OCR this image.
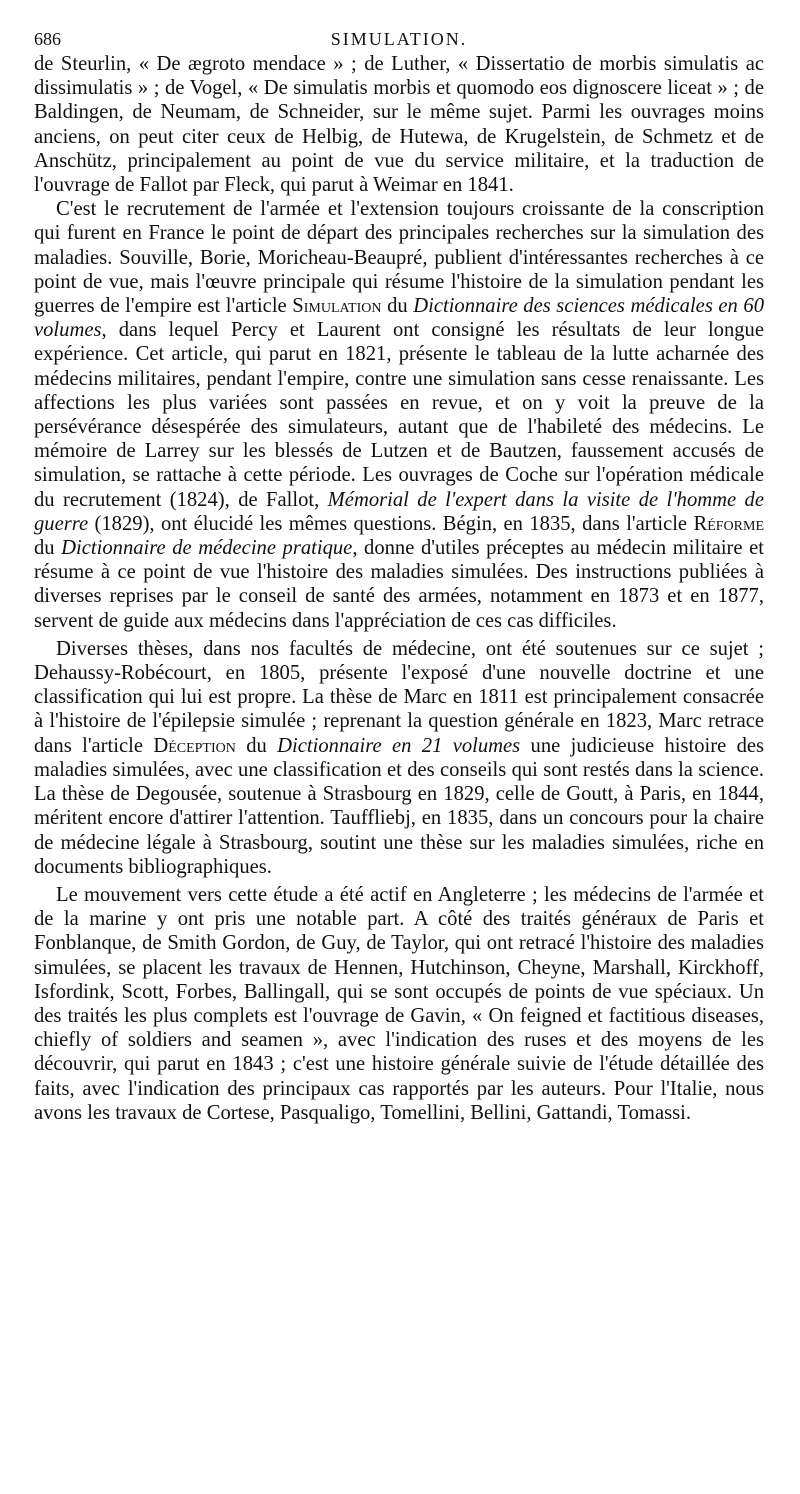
686	SIMULATION.

de Steurlin, « De ægroto mendace » ; de Luther, « Dissertatio de morbis simulatis ac dissimulatis » ; de Vogel, « De simulatis morbis et quomodo eos dignoscere liceat » ; de Baldingen, de Neumam, de Schneider, sur le même sujet. Parmi les ouvrages moins anciens, on peut citer ceux de Helbig, de Hutewa, de Krugelstein, de Schmetz et de Anschütz, principalement au point de vue du service militaire, et la traduction de l'ouvrage de Fallot par Fleck, qui parut à Weimar en 1841.

C'est le recrutement de l'armée et l'extension toujours croissante de la conscription qui furent en France le point de départ des principales recherches sur la simulation des maladies. Souville, Borie, Moricheau-Beaupré, publient d'intéressantes recherches à ce point de vue, mais l'œuvre principale qui résume l'histoire de la simulation pendant les guerres de l'empire est l'article Simulation du Dictionnaire des sciences médicales en 60 volumes, dans lequel Percy et Laurent ont consigné les résultats de leur longue expérience. Cet article, qui parut en 1821, présente le tableau de la lutte acharnée des médecins militaires, pendant l'empire, contre une simulation sans cesse renaissante. Les affections les plus variées sont passées en revue, et on y voit la preuve de la persévérance désespérée des simulateurs, autant que de l'habileté des médecins. Le mémoire de Larrey sur les blessés de Lutzen et de Bautzen, faussement accusés de simulation, se rattache à cette période. Les ouvrages de Coche sur l'opération médicale du recrutement (1824), de Fallot, Mémorial de l'expert dans la visite de l'homme de guerre (1829), ont élucidé les mêmes questions. Bégin, en 1835, dans l'article Réforme du Dictionnaire de médecine pratique, donne d'utiles préceptes au médecin militaire et résume à ce point de vue l'histoire des maladies simulées. Des instructions publiées à diverses reprises par le conseil de santé des armées, notamment en 1873 et en 1877, servent de guide aux médecins dans l'appréciation de ces cas difficiles.

Diverses thèses, dans nos facultés de médecine, ont été soutenues sur ce sujet ; Dehaussy-Robécourt, en 1805, présente l'exposé d'une nouvelle doctrine et une classification qui lui est propre. La thèse de Marc en 1811 est principalement consacrée à l'histoire de l'épilepsie simulée ; reprenant la question générale en 1823, Marc retrace dans l'article Déception du Dictionnaire en 21 volumes une judicieuse histoire des maladies simulées, avec une classification et des conseils qui sont restés dans la science. La thèse de Degousée, soutenue à Strasbourg en 1829, celle de Goutt, à Paris, en 1844, méritent encore d'attirer l'attention. Tauffliebj, en 1835, dans un concours pour la chaire de médecine légale à Strasbourg, soutint une thèse sur les maladies simulées, riche en documents bibliographiques.

Le mouvement vers cette étude a été actif en Angleterre ; les médecins de l'armée et de la marine y ont pris une notable part. A côté des traités généraux de Paris et Fonblanque, de Smith Gordon, de Guy, de Taylor, qui ont retracé l'histoire des maladies simulées, se placent les travaux de Hennen, Hutchinson, Cheyne, Marshall, Kirckhoff, Isfordink, Scott, Forbes, Ballingall, qui se sont occupés de points de vue spéciaux. Un des traités les plus complets est l'ouvrage de Gavin, « On feigned et factitious diseases, chiefly of soldiers and seamen », avec l'indication des ruses et des moyens de les découvrir, qui parut en 1843 ; c'est une histoire générale suivie de l'étude détaillée des faits, avec l'indication des principaux cas rapportés par les auteurs. Pour l'Italie, nous avons les travaux de Cortese, Pasqualigo, Tomellini, Bellini, Gattandi, Tomassi.
